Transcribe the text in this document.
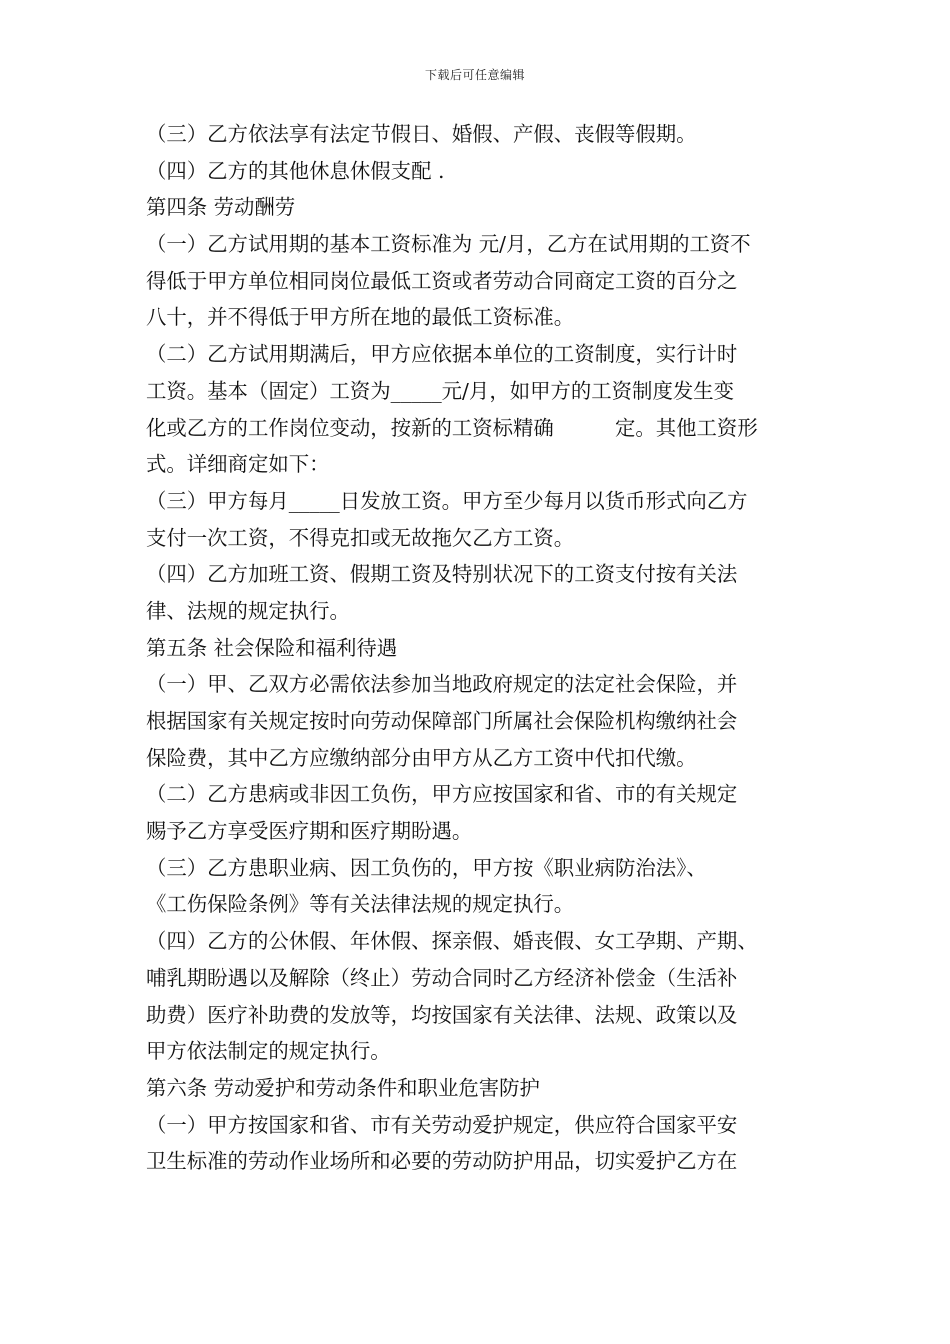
下载后可任意编辑
（三）乙方依法享有法定节假日、婚假、产假、丧假等假期。
（四）乙方的其他休息休假支配 .
第四条 劳动酬劳
（一）乙方试用期的基本工资标准为 元/月，乙方在试用期的工资不
得低于甲方单位相同岗位最低工资或者劳动合同商定工资的百分之
八十，并不得低于甲方所在地的最低工资标准。
（二）乙方试用期满后，甲方应依据本单位的工资制度，实行计时
工资。基本（固定）工资为_____元/月，如甲方的工资制度发生变
化或乙方的工作岗位变动，按新的工资标精确　　　定。其他工资形
式。详细商定如下：
（三）甲方每月_____日发放工资。甲方至少每月以货币形式向乙方
支付一次工资，不得克扣或无故拖欠乙方工资。
（四）乙方加班工资、假期工资及特别状况下的工资支付按有关法
律、法规的规定执行。
第五条 社会保险和福利待遇
（一）甲、乙双方必需依法参加当地政府规定的法定社会保险，并
根据国家有关规定按时向劳动保障部门所属社会保险机构缴纳社会
保险费，其中乙方应缴纳部分由甲方从乙方工资中代扣代缴。
（二）乙方患病或非因工负伤，甲方应按国家和省、市的有关规定
赐予乙方享受医疗期和医疗期盼遇。
（三）乙方患职业病、因工负伤的，甲方按《职业病防治法》、
《工伤保险条例》等有关法律法规的规定执行。
（四）乙方的公休假、年休假、探亲假、婚丧假、女工孕期、产期、
哺乳期盼遇以及解除（终止）劳动合同时乙方经济补偿金（生活补
助费）医疗补助费的发放等，均按国家有关法律、法规、政策以及
甲方依法制定的规定执行。
第六条 劳动爱护和劳动条件和职业危害防护
（一）甲方按国家和省、市有关劳动爱护规定，供应符合国家平安
卫生标准的劳动作业场所和必要的劳动防护用品，切实爱护乙方在
